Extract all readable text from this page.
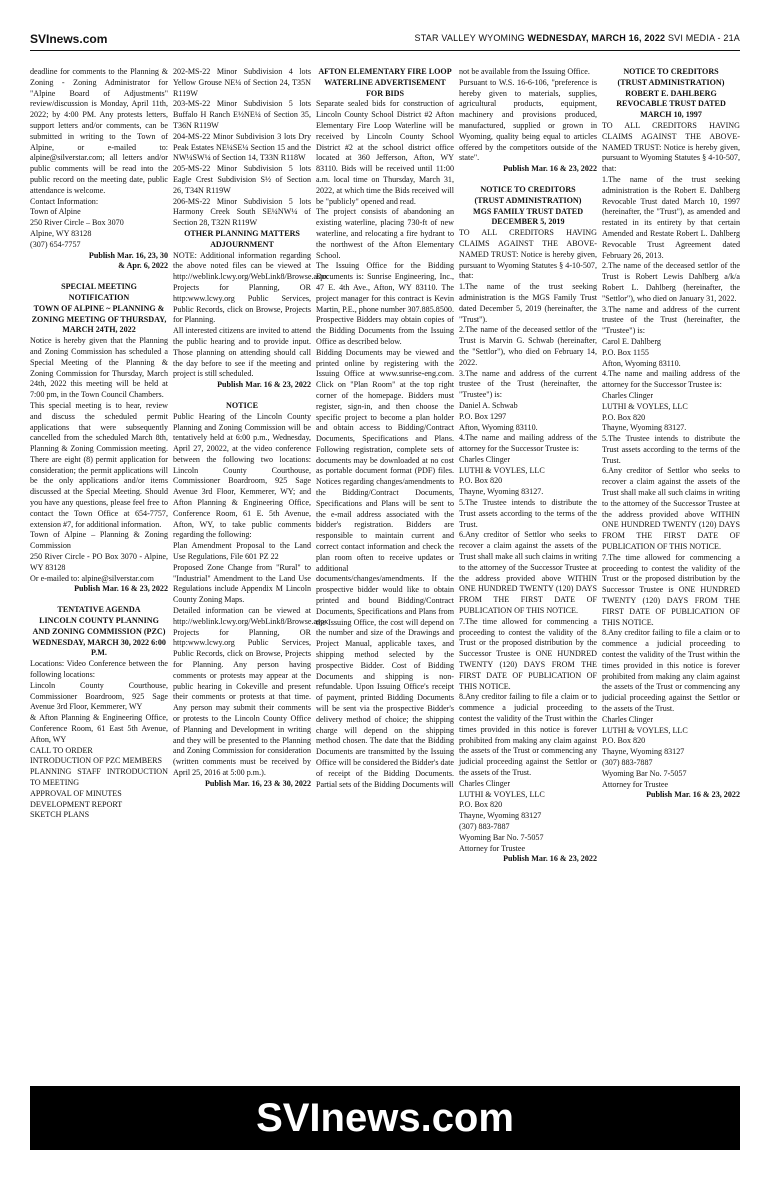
SVInews.com	STAR VALLEY WYOMING WEDNESDAY, MARCH 16, 2022 SVI MEDIA - 21A

deadline for comments to the Planning & Zoning - Zoning Administrator for "Alpine Board of Adjustments" review/discussion is Monday, April 11th, 2022; by 4:00 PM. Any protests letters, support letters and/or comments, can be submitted in writing to the Town of Alpine, or e-mailed to: alpine@silverstar.com; all letters and/or public comments will be read into the public record on the meeting date, public attendance is welcome.
Contact Information:
Town of Alpine
250 River Circle – Box 3070
Alpine, WY 83128
(307) 654-7757

Publish Mar. 16, 23, 30
& Apr. 6, 2022

SPECIAL MEETING NOTIFICATION
TOWN OF ALPINE ~ PLANNING & ZONING MEETING OF THURSDAY, MARCH 24TH, 2022

Notice is hereby given that the Planning and Zoning Commission has scheduled a Special Meeting of the Planning & Zoning Commission for Thursday, March 24th, 2022 this meeting will be held at 7:00 pm, in the Town Council Chambers.
This special meeting is to hear, review and discuss the scheduled permit applications that were subsequently cancelled from the scheduled March 8th, Planning & Zoning Commission meeting. There are eight (8) permit application for consideration; the permit applications will be the only applications and/or items discussed at the Special Meeting. Should you have any questions, please feel free to contact the Town Office at 654-7757, extension #7, for additional information.
Town of Alpine – Planning & Zoning Commission
250 River Circle - PO Box 3070 - Alpine, WY 83128
Or e-mailed to: alpine@silverstar.com

Publish Mar. 16 & 23, 2022

TENTATIVE AGENDA
LINCOLN COUNTY PLANNING AND ZONING COMMISSION (PZC)
WEDNESDAY, MARCH 30, 2022 6:00 P.M.

Locations: Video Conference between the following locations:
Lincoln County Courthouse, Commissioner Boardroom, 925 Sage Avenue 3rd Floor, Kemmerer, WY
& Afton Planning & Engineering Office, Conference Room, 61 East 5th Avenue, Afton, WY
CALL TO ORDER
INTRODUCTION OF PZC MEMBERS
PLANNING STAFF INTRODUCTION TO MEETING
APPROVAL OF MINUTES
DEVELOPMENT REPORT
SKETCH PLANS

202-MS-22 Minor Subdivision 4 lots Yellow Grouse NE¼ of Section 24, T35N R119W
203-MS-22 Minor Subdivision 5 lots Buffalo H Ranch E½NE¼ of Section 35, T36N R119W
204-MS-22 Minor Subdivision 3 lots Dry Peak Estates NE¼SE¼ Section 15 and the NW¼SW¼ of Section 14, T33N R118W
205-MS-22 Minor Subdivision 5 lots Eagle Crest Subdivision S½ of Section 26, T34N R119W
206-MS-22 Minor Subdivision 5 lots Harmony Creek South SE¼NW¼ of Section 28, T32N R119W

OTHER PLANNING MATTERS
ADJOURNMENT

NOTE: Additional information regarding the above noted files can be viewed at http://weblink.lcwy.org/WebLink8/Browse.aspx Projects for Planning, OR http:www.lcwy.org Public Services, Public Records, click on Browse, Projects for Planning.
All interested citizens are invited to attend the public hearing and to provide input. Those planning on attending should call the day before to see if the meeting and project is still scheduled.

Publish Mar. 16 & 23, 2022

NOTICE

Public Hearing of the Lincoln County Planning and Zoning Commission will be tentatively held at 6:00 p.m., Wednesday, April 27, 20022, at the video conference between the following two locations: Lincoln County Courthouse, Commissioner Boardroom, 925 Sage Avenue 3rd Floor, Kemmerer, WY; and Afton Planning & Engineering Office, Conference Room, 61 E. 5th Avenue, Afton, WY, to take public comments regarding the following:
Plan Amendment Proposal to the Land Use Regulations, File 601 PZ 22
Proposed Zone Change from "Rural" to "Industrial" Amendment to the Land Use Regulations include Appendix M Lincoln County Zoning Maps.
Detailed information can be viewed at http://weblink.lcwy.org/WebLink8/Browse.aspx Projects for Planning, OR http:www.lcwy.org Public Services, Public Records, click on Browse, Projects for Planning. Any person having comments or protests may appear at the public hearing in Cokeville and present their comments or protests at that time. Any person may submit their comments or protests to the Lincoln County Office of Planning and Development in writing and they will be presented to the Planning and Zoning Commission for consideration (written comments must be received by April 25, 2016 at 5:00 p.m.).

Publish Mar. 16, 23 & 30, 2022

AFTON ELEMENTARY FIRE LOOP WATERLINE ADVERTISEMENT FOR BIDS

Separate sealed bids for construction of Lincoln County School District #2 Afton Elementary Fire Loop Waterline will be received by Lincoln County School District #2 at the school district office located at 360 Jefferson, Afton, WY 83110. Bids will be received until 11:00 a.m. local time on Thursday, March 31, 2022, at which time the Bids received will be "publicly" opened and read.
The project consists of abandoning an existing waterline, placing 730-ft of new waterline, and relocating a fire hydrant to the northwest of the Afton Elementary School.
The Issuing Office for the Bidding Documents is: Sunrise Engineering, Inc., 47 E. 4th Ave., Afton, WY 83110. The project manager for this contract is Kevin Martin, P.E., phone number 307.885.8500. Prospective Bidders may obtain copies of the Bidding Documents from the Issuing Office as described below.
Bidding Documents may be viewed and printed online by registering with the Issuing Office at www.sunrise-eng.com. Click on "Plan Room" at the top right corner of the homepage. Bidders must register, sign-in, and then choose the specific project to become a plan holder and obtain access to Bidding/Contract Documents, Specifications and Plans. Following registration, complete sets of documents may be downloaded at no cost as portable document format (PDF) files. Notices regarding changes/amendments to the Bidding/Contract Documents, Specifications and Plans will be sent to the e-mail address associated with the bidder's registration. Bidders are responsible to maintain current and correct contact information and check the plan room often to receive updates or additional documents/changes/amendments. If the prospective bidder would like to obtain printed and bound Bidding/Contract Documents, Specifications and Plans from the Issuing Office, the cost will depend on the number and size of the Drawings and Project Manual, applicable taxes, and shipping method selected by the prospective Bidder. Cost of Bidding Documents and shipping is non-refundable. Upon Issuing Office's receipt of payment, printed Bidding Documents will be sent via the prospective Bidder's delivery method of choice; the shipping charge will depend on the shipping method chosen. The date that the Bidding Documents are transmitted by the Issuing Office will be considered the Bidder's date of receipt of the Bidding Documents. Partial sets of the Bidding Documents will

not be available from the Issuing Office.
Pursuant to W.S. 16-6-106, "preference is hereby given to materials, supplies, agricultural products, equipment, machinery and provisions produced, manufactured, supplied or grown in Wyoming, quality being equal to articles offered by the competitors outside of the state".

Publish Mar. 16 & 23, 2022

NOTICE TO CREDITORS
(TRUST ADMINISTRATION)
MGS FAMILY TRUST DATED DECEMBER 5, 2019

TO ALL CREDITORS HAVING CLAIMS AGAINST THE ABOVE-NAMED TRUST: Notice is hereby given, pursuant to Wyoming Statutes § 4-10-507, that:
1.The name of the trust seeking administration is the MGS Family Trust dated December 5, 2019 (hereinafter, the "Trust").
2.The name of the deceased settlor of the Trust is Marvin G. Schwab (hereinafter, the "Settlor"), who died on February 14, 2022.
3.The name and address of the current trustee of the Trust (hereinafter, the "Trustee") is:
Daniel A. Schwab
P.O. Box 1297
Afton, Wyoming 83110.
4.The name and mailing address of the attorney for the Successor Trustee is:
Charles Clinger
LUTHI & VOYLES, LLC
P.O. Box 820
Thayne, Wyoming 83127.
5.The Trustee intends to distribute the Trust assets according to the terms of the Trust.
6.Any creditor of Settlor who seeks to recover a claim against the assets of the Trust shall make all such claims in writing to the attorney of the Successor Trustee at the address provided above WITHIN ONE HUNDRED TWENTY (120) DAYS FROM THE FIRST DATE OF PUBLICATION OF THIS NOTICE.
7.The time allowed for commencing a proceeding to contest the validity of the Trust or the proposed distribution by the Successor Trustee is ONE HUNDRED TWENTY (120) DAYS FROM THE FIRST DATE OF PUBLICATION OF THIS NOTICE.
8.Any creditor failing to file a claim or to commence a judicial proceeding to contest the validity of the Trust within the times provided in this notice is forever prohibited from making any claim against the assets of the Trust or commencing any judicial proceeding against the Settlor or the assets of the Trust.
Charles Clinger
LUTHI & VOYLES, LLC
P.O. Box 820
Thayne, Wyoming 83127
(307) 883-7887
Wyoming Bar No. 7-5057
Attorney for Trustee

Publish Mar. 16 & 23, 2022

NOTICE TO CREDITORS
(TRUST ADMINISTRATION)
ROBERT E. DAHLBERG REVOCABLE TRUST DATED MARCH 10, 1997

TO ALL CREDITORS HAVING CLAIMS AGAINST THE ABOVE-NAMED TRUST: Notice is hereby given, pursuant to Wyoming Statutes § 4-10-507, that:
1.The name of the trust seeking administration is the Robert E. Dahlberg Revocable Trust dated March 10, 1997 (hereinafter, the "Trust"), as amended and restated in its entirety by that certain Amended and Restate Robert L. Dahlberg Revocable Trust Agreement dated February 26, 2013.
2.The name of the deceased settlor of the Trust is Robert Lewis Dahlberg a/k/a Robert L. Dahlberg (hereinafter, the "Settlor"), who died on January 31, 2022.
3.The name and address of the current trustee of the Trust (hereinafter, the "Trustee") is:
Carol E. Dahlberg
P.O. Box 1155
Afton, Wyoming 83110.
4.The name and mailing address of the attorney for the Successor Trustee is:
Charles Clinger
LUTHI & VOYLES, LLC
P.O. Box 820
Thayne, Wyoming 83127.
5.The Trustee intends to distribute the Trust assets according to the terms of the Trust.
6.Any creditor of Settlor who seeks to recover a claim against the assets of the Trust shall make all such claims in writing to the attorney of the Successor Trustee at the address provided above WITHIN ONE HUNDRED TWENTY (120) DAYS FROM THE FIRST DATE OF PUBLICATION OF THIS NOTICE.
7.The time allowed for commencing a proceeding to contest the validity of the Trust or the proposed distribution by the Successor Trustee is ONE HUNDRED TWENTY (120) DAYS FROM THE FIRST DATE OF PUBLICATION OF THIS NOTICE.
8.Any creditor failing to file a claim or to commence a judicial proceeding to contest the validity of the Trust within the times provided in this notice is forever prohibited from making any claim against the assets of the Trust or commencing any judicial proceeding against the Settlor or the assets of the Trust.
Charles Clinger
LUTHI & VOYLES, LLC
P.O. Box 820
Thayne, Wyoming 83127
(307) 883-7887
Wyoming Bar No. 7-5057
Attorney for Trustee

Publish Mar. 16 & 23, 2022

SVInews.com
